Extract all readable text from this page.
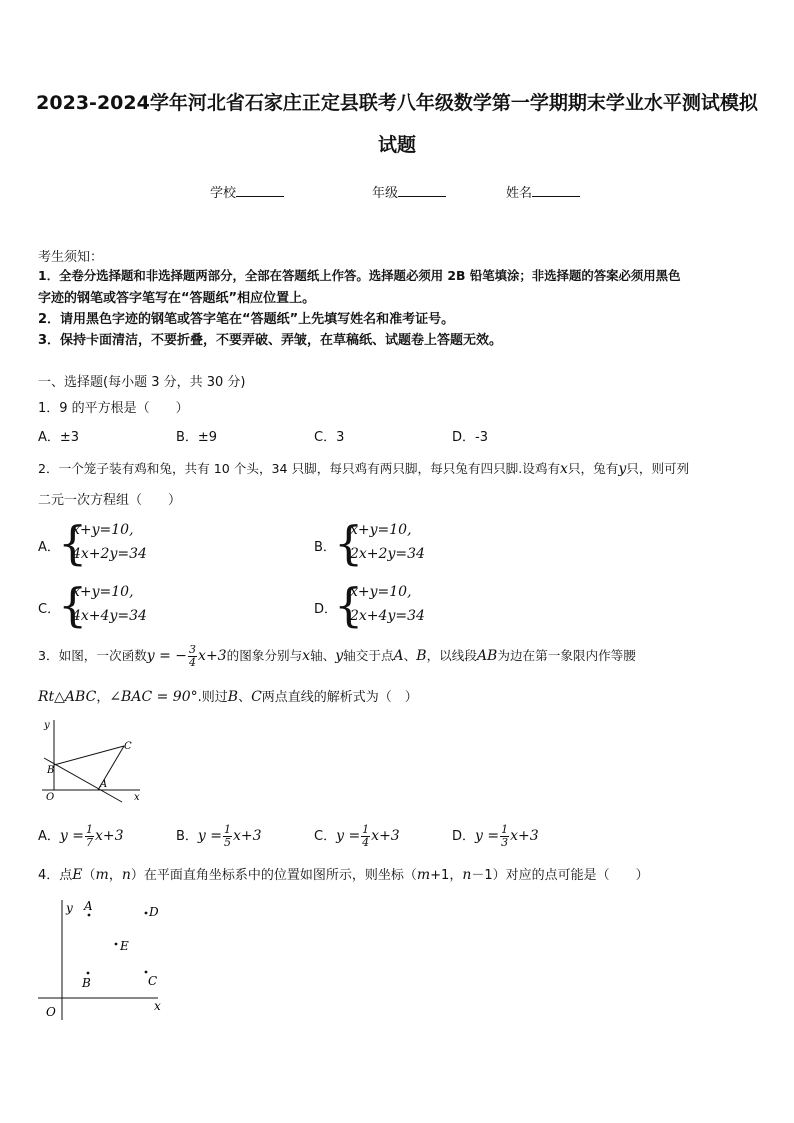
2023-2024学年河北省石家庄正定县联考八年级数学第一学期期末学业水平测试模拟
试题
学校	年级	姓名
考生须知：
1．全卷分选择题和非选择题两部分，全部在答题纸上作答。选择题必须用 2B 铅笔填涂；非选择题的答案必须用黑色
字迹的钢笔或答字笔写在“答题纸”相应位置上。
2．请用黑色字迹的钢笔或答字笔在“答题纸”上先填写姓名和准考证号。
3．保持卡面清洁，不要折叠，不要弄破、弄皱，在草稿纸、试题卷上答题无效。
一、选择题(每小题 3 分，共 30 分)
1．9 的平方根是（　　）
A．±3	B．±9	C．3	D．-3
2．一个笼子装有鸡和兔，共有 10 个头，34 只脚，每只鸡有两只脚，每只兔有四只脚.设鸡有x只，兔有y只，则可列
二元一次方程组（　　）
A．
{
x+y=10,
4x+2y=34	B．
{
x+y=10,
2x+2y=34
C．
{
x+y=10,
4x+4y=34	D．
{
x+y=10,
2x+4y=34
3．如图，一次函数y = − $\frac{3}{4} x+3$的图象分别与x轴、y轴交于点A、B，以线段AB为边在第一象限内作等腰
Rt△ABC，∠BAC = 90°.则过B、C两点直线的解析式为（　）
y
x
O
B
C
A
A．$y = \frac{1}{7} x+3$	B．$y = \frac{1}{5} x+3$	C．$y = \frac{1}{4} x+3$	D．$y = \frac{1}{3} x+3$
4．点E（m，n）在平面直角坐标系中的位置如图所示，则坐标（m+1，n－1）对应的点可能是（　　）
y A	D
E
B	C
x
O
